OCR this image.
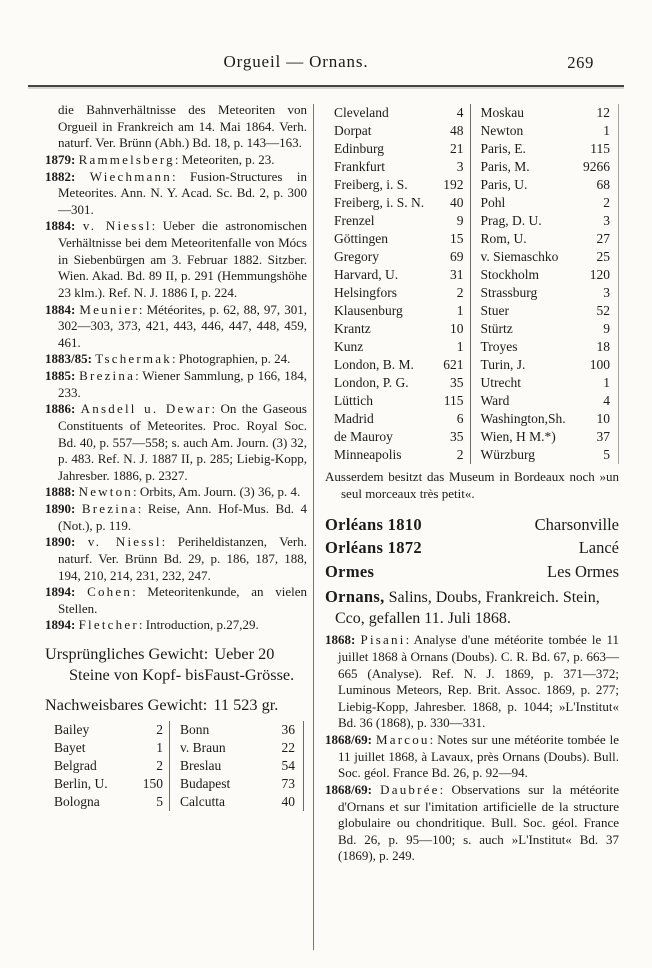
Orgueil — Ornans.	269

die Bahnverhältnisse des Meteoriten von Orgueil in Frankreich am 14. Mai 1864. Verh. naturf. Ver. Brünn (Abh.) Bd. 18, p. 143—163.

1879: Rammelsberg: Meteoriten, p. 23.

1882: Wiechmann: Fusion-Structures in Meteorites. Ann. N. Y. Acad. Sc. Bd. 2, p. 300—301.

1884: v. Niessl: Ueber die astronomischen Verhältnisse bei dem Meteoritenfalle von Mócs in Siebenbürgen am 3. Februar 1882. Sitzber. Wien. Akad. Bd. 89 II, p. 291 (Hemmungshöhe 23 klm.). Ref. N. J. 1886 I, p. 224.

1884: Meunier: Météorites, p. 62, 88, 97, 301, 302—303, 373, 421, 443, 446, 447, 448, 459, 461.

1883/85: Tschermak: Photographien, p. 24.

1885: Brezina: Wiener Sammlung, p 166, 184, 233.

1886: Ansdell u. Dewar: On the Gaseous Constituents of Meteorites. Proc. Royal Soc. Bd. 40, p. 557—558; s. auch Am. Journ. (3) 32, p. 483. Ref. N. J. 1887 II, p. 285; Liebig-Kopp, Jahresber. 1886, p. 2327.

1888: Newton: Orbits, Am. Journ. (3) 36, p. 4.

1890: Brezina: Reise, Ann. Hof-Mus. Bd. 4 (Not.), p. 119.

1890: v. Niessl: Periheldistanzen, Verh. naturf. Ver. Brünn Bd. 29, p. 186, 187, 188, 194, 210, 214, 231, 232, 247.

1894: Cohen: Meteoritenkunde, an vielen Stellen.

1894: Fletcher: Introduction, p.27,29.

Ursprüngliches Gewicht: Ueber 20 Steine von Kopf- bisFaust-Grösse.

Nachweisbares Gewicht: 11 523 gr.

Bailey	2	Bonn	36
Bayet	1	v. Braun	22
Belgrad	2	Breslau	54
Berlin, U.	150	Budapest	73
Bologna	5	Calcutta	40
Cleveland	4	Moskau	12
Dorpat	48	Newton	1
Edinburg	21	Paris, E.	115
Frankfurt	3	Paris, M.	9266
Freiberg, i. S.	192	Paris, U.	68
Freiberg, i. S. N.	40	Pohl	2
Frenzel	9	Prag, D. U.	3
Göttingen	15	Rom, U.	27
Gregory	69	v. Siemaschko	25
Harvard, U.	31	Stockholm	120
Helsingfors	2	Strassburg	3
Klausenburg	1	Stuer	52
Krantz	10	Stürtz	9
Kunz	1	Troyes	18
London, B. M.	621	Turin, J.	100
London, P. G.	35	Utrecht	1
Lüttich	115	Ward	4
Madrid	6	Washington,Sh.	10
de Mauroy	35	Wien, H M.*)	37
Minneapolis	2	Würzburg	5

Ausserdem besitzt das Museum in Bordeaux noch »un seul morceaux très petit«.

Orléans 1810	Charsonville
Orléans 1872	Lancé
Ormes	Les Ormes

Ornans, Salins, Doubs, Frankreich. Stein, Cco, gefallen 11. Juli 1868.

1868: Pisani: Analyse d'une météorite tombée le 11 juillet 1868 à Ornans (Doubs). C. R. Bd. 67, p. 663—665 (Analyse). Ref. N. J. 1869, p. 371—372; Luminous Meteors, Rep. Brit. Assoc. 1869, p. 277; Liebig-Kopp, Jahresber. 1868, p. 1044; »L'Institut« Bd. 36 (1868), p. 330—331.

1868/69: Marcou: Notes sur une météorite tombée le 11 juillet 1868, à Lavaux, près Ornans (Doubs). Bull. Soc. géol. France Bd. 26, p. 92—94.

1868/69: Daubrée: Observations sur la météorite d'Ornans et sur l'imitation artificielle de la structure globulaire ou chondritique. Bull. Soc. géol. France Bd. 26, p. 95—100; s. auch »L'Institut« Bd. 37 (1869), p. 249.
